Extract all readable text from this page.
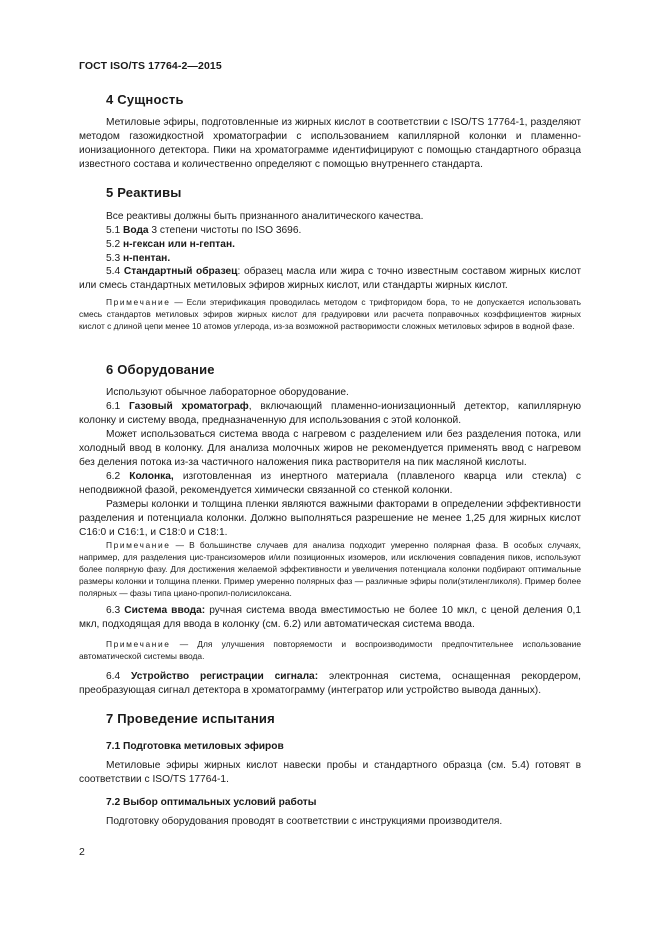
ГОСТ ISO/TS 17764-2—2015
4 Сущность

Метиловые эфиры, подготовленные из жирных кислот в соответствии с ISO/TS 17764-1, разделяют методом газожидкостной хроматографии с использованием капиллярной колонки и пламенно-ионизационного детектора. Пики на хроматограмме идентифицируют с помощью стандартного образца известного состава и количественно определяют с помощью внутреннего стандарта.

5 Реактивы
Все реактивы должны быть признанного аналитического качества.
5.1 Вода 3 степени чистоты по ISO 3696.
5.2 н-гексан или н-гептан.
5.3 н-пентан.

5.4 Стандартный образец: образец масла или жира с точно известным составом жирных кислот или смесь стандартных метиловых эфиров жирных кислот, или стандарты жирных кислот.

Примечание — Если этерификация проводилась методом с трифторидом бора, то не допускается использовать смесь стандартов метиловых эфиров жирных кислот для градуировки или расчета поправочных коэффициентов жирных кислот с длиной цепи менее 10 атомов углерода, из-за возможной растворимости сложных метиловых эфиров в водной фазе.

6 Оборудование
Используют обычное лабораторное оборудование.

6.1 Газовый хроматограф, включающий пламенно-ионизационный детектор, капиллярную колонку и систему ввода, предназначенную для использования с этой колонкой.

Может использоваться система ввода с нагревом с разделением или без разделения потока, или холодный ввод в колонку. Для анализа молочных жиров не рекомендуется применять ввод с нагревом без деления потока из-за частичного наложения пика растворителя на пик масляной кислоты.

6.2 Колонка, изготовленная из инертного материала (плавленого кварца или стекла) с неподвижной фазой, рекомендуется химически связанной со стенкой колонки.

Размеры колонки и толщина пленки являются важными факторами в определении эффективности разделения и потенциала колонки. Должно выполняться разрешение не менее 1,25 для жирных кислот C16:0 и C16:1, и C18:0 и C18:1.

Примечание — В большинстве случаев для анализа подходит умеренно полярная фаза. В особых случаях, например, для разделения цис-трансизомеров и/или позиционных изомеров, или исключения совпадения пиков, используют более полярную фазу. Для достижения желаемой эффективности и увеличения потенциала колонки подбирают оптимальные размеры колонки и толщина пленки. Пример умеренно полярных фаз — различные эфиры поли(этиленгликоля). Пример более полярных — фазы типа циано-пропил-полисилоксана.

6.3 Система ввода: ручная система ввода вместимостью не более 10 мкл, с ценой деления 0,1 мкл, подходящая для ввода в колонку (см. 6.2) или автоматическая система ввода.

Примечание — Для улучшения повторяемости и воспроизводимости предпочтительнее использование автоматической системы ввода.

6.4 Устройство регистрации сигнала: электронная система, оснащенная рекордером, преобразующая сигнал детектора в хроматограмму (интегратор или устройство вывода данных).

7 Проведение испытания
7.1 Подготовка метиловых эфиров

Метиловые эфиры жирных кислот навески пробы и стандартного образца (см. 5.4) готовят в соответствии с ISO/TS 17764-1.

7.2 Выбор оптимальных условий работы
Подготовку оборудования проводят в соответствии с инструкциями производителя.
2
